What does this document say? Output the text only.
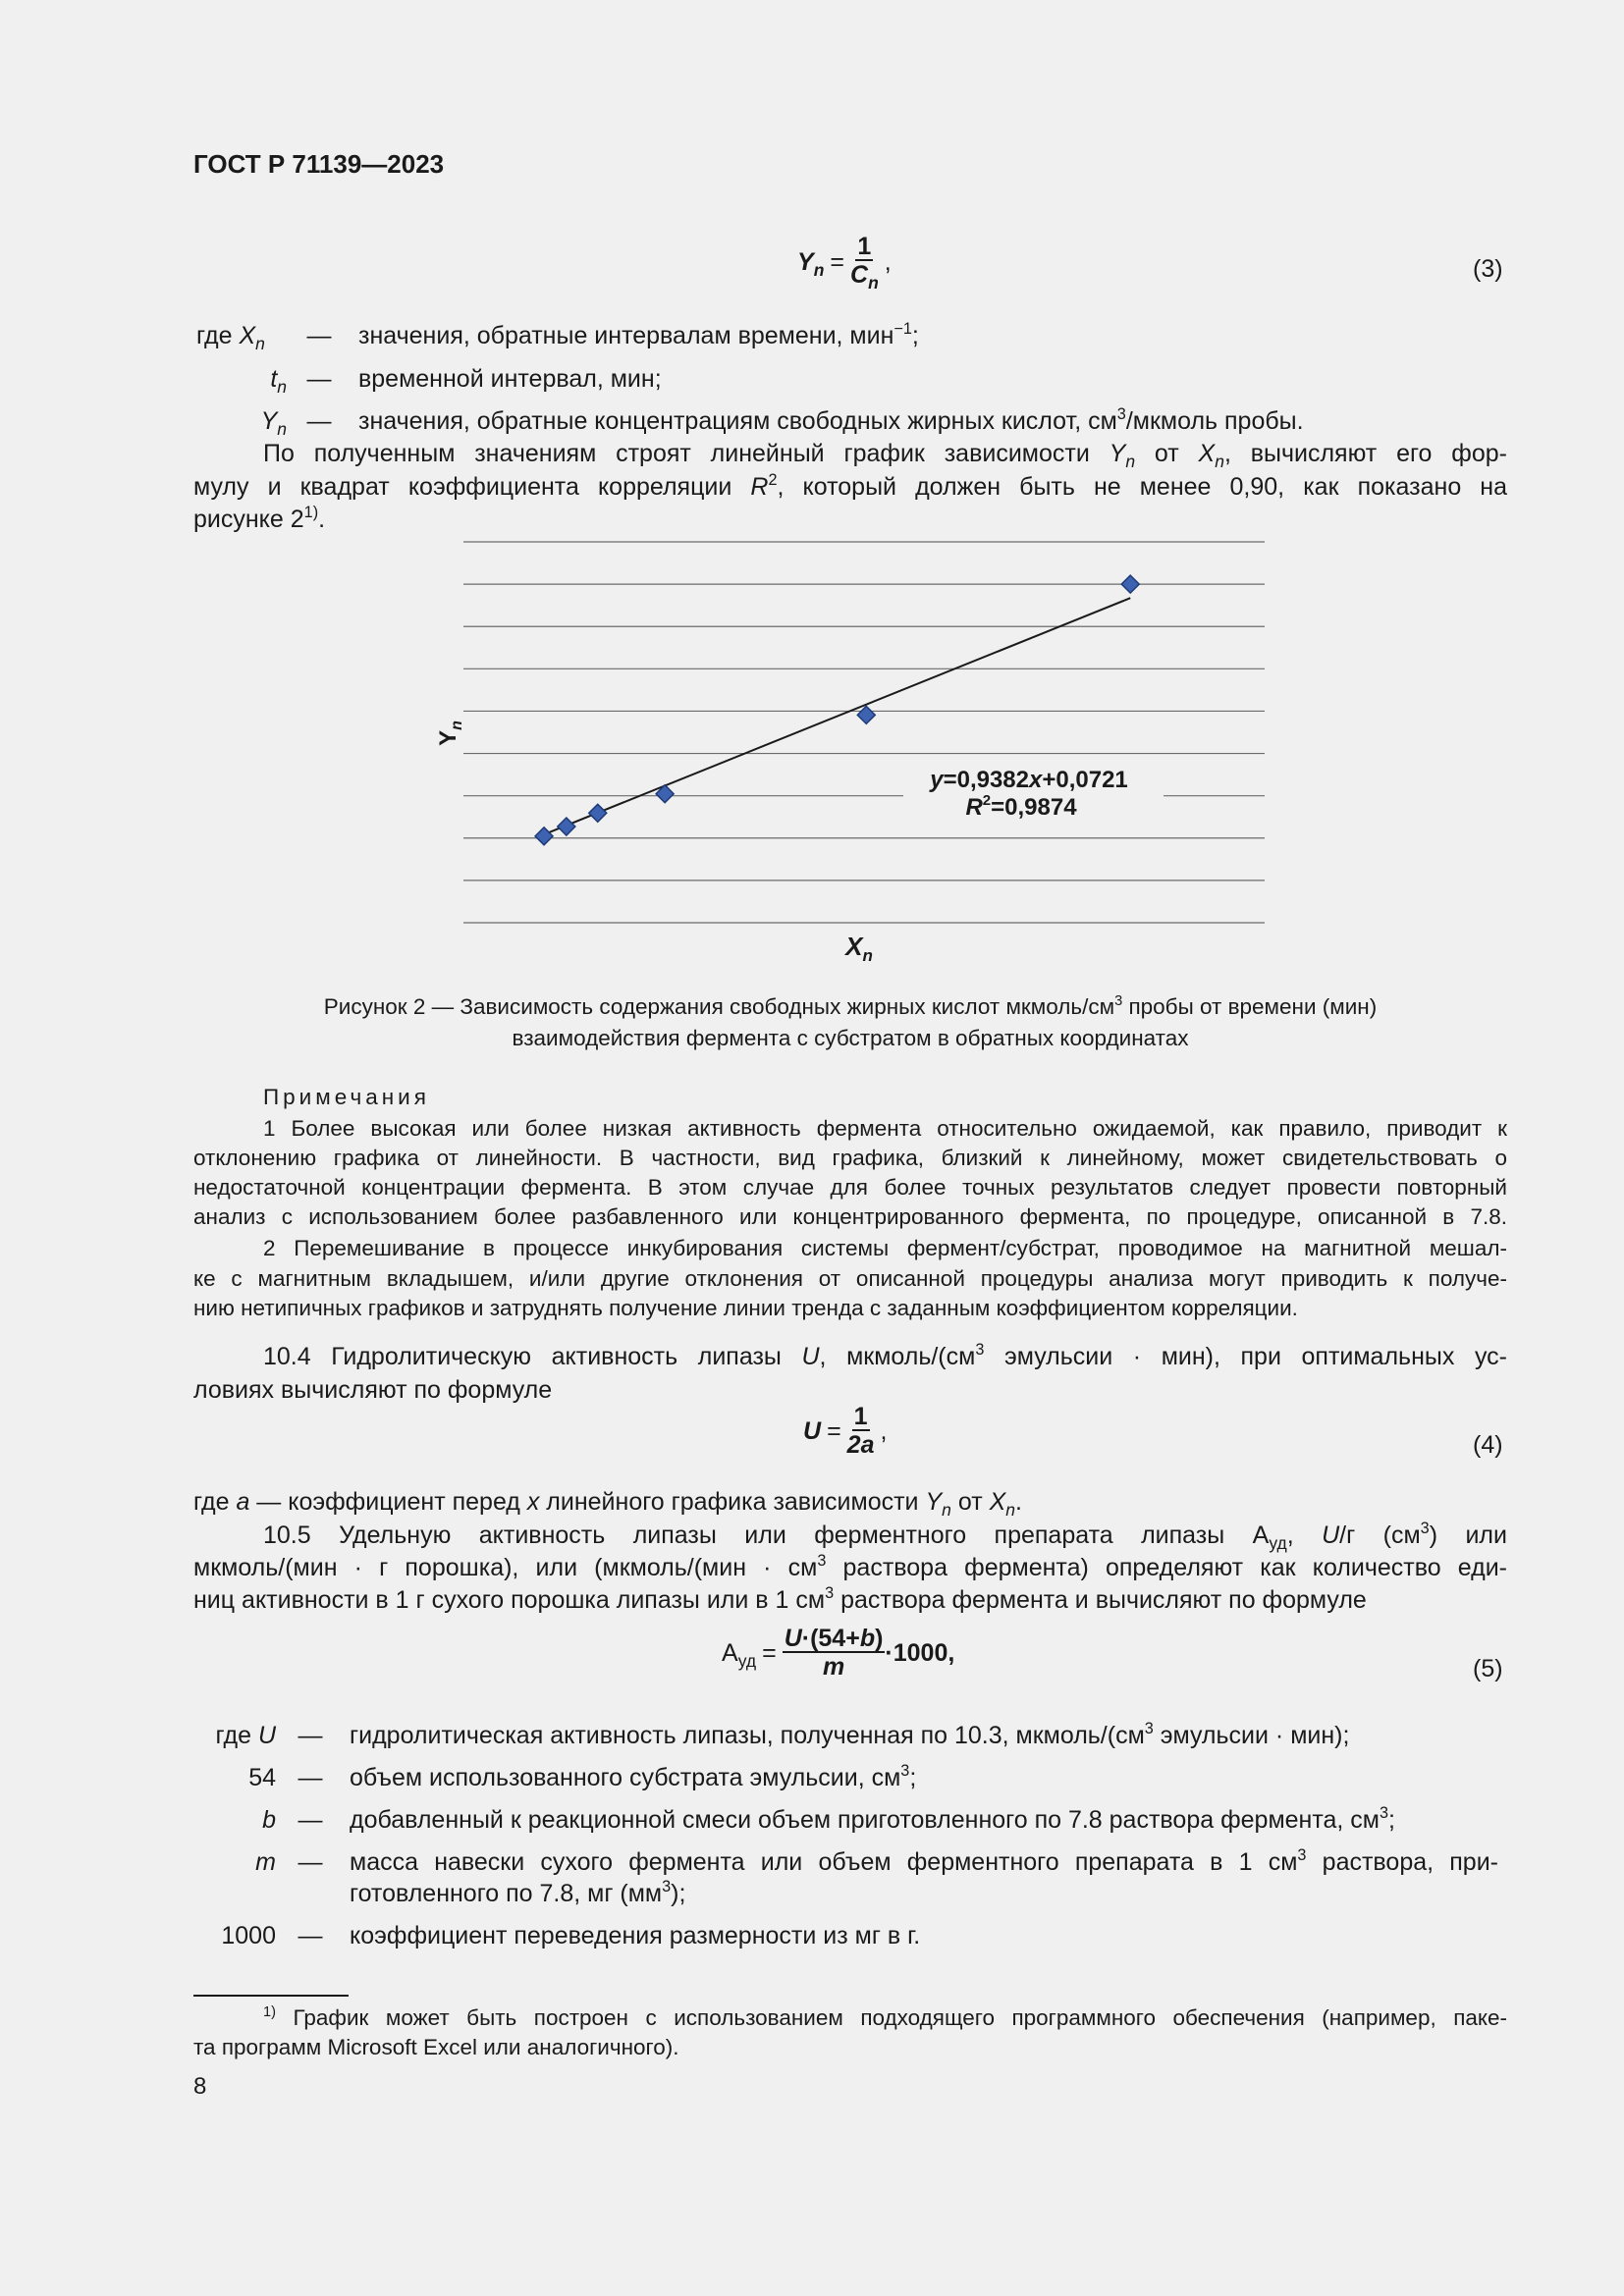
ГОСТ Р 71139—2023
$Y_n = \frac{1}{C_n}$ ,	(3)
где $X_n$	—	значения, обратные интервалам времени, мин$^{-1}$;
$t_n$ —	временной интервал, мин;
$Y_n$ —	значения, обратные концентрациям свободных жирных кислот, $см^3$/мкмоль пробы.
По полученным значениям строят линейный график зависимости $Y_n$ от $X_n$, вычисляют его фор-
мулу и квадрат коэффициента корреляции $R^2$, который должен быть не менее 0,90, как показано на
рисунке 2$^{1)}$.
y=0,9382x+0,0721
$R^2=0,9874$
$X_n$
$Y_n$
Рисунок 2 — Зависимость содержания свободных жирных кислот мкмоль/$см^3$ пробы от времени (мин)
взаимодействия фермента с субстратом в обратных координатах
Примечания
1 Более высокая или более низкая активность фермента относительно ожидаемой, как правило, приводит к
отклонению графика от линейности. В частности, вид графика, близкий к линейному, может свидетельствовать о
недостаточной концентрации фермента. В этом случае для более точных результатов следует провести повторный
анализ с использованием более разбавленного или концентрированного фермента, по процедуре, описанной в 7.8.
2 Перемешивание в процессе инкубирования системы фермент/субстрат, проводимое на магнитной мешал-
ке с магнитным вкладышем, и/или другие отклонения от описанной процедуры анализа могут приводить к получе-
нию нетипичных графиков и затруднять получение линии тренда с заданным коэффициентом корреляции.
10.4 Гидролитическую активность липазы U, мкмоль/($см^3$ эмульсии · мин), при оптимальных ус-
ловиях вычисляют по формуле
$U = \frac{1}{2a}$ ,
(4)
где a — коэффициент перед x линейного графика зависимости $Y_n$ от $X_n$.
10.5 Удельную активность липазы или ферментного препарата липазы $А_{уд}$, U/г $(см^3)$ или
мкмоль/(мин · г порошка), или (мкмоль/(мин · $см^3$ раствора фермента) определяют как количество еди-
ниц активности в 1 г сухого порошка липазы или в 1 $см^3$ раствора фермента и вычисляют по формуле
$А_{уд} = \frac{U\cdot(54+b)}{m} \cdot 1000$,
(5)
где U —	гидролитическая активность липазы, полученная по 10.3, мкмоль/($см^3$ эмульсии · мин);
54 —	объем использованного субстрата эмульсии, $см^3$;
b —	добавленный к реакционной смеси объем приготовленного по 7.8 раствора фермента, $см^3$;
m —	масса навески сухого фермента или объем ферментного препарата в 1 $см^3$ раствора, при-
готовленного по 7.8, мг $(мм^3)$;
1000 —	коэффициент переведения размерности из мг в г.
$^{1)}$ График может быть построен с использованием подходящего программного обеспечения (например, паке-
та программ Microsoft Excel или аналогичного).
8
